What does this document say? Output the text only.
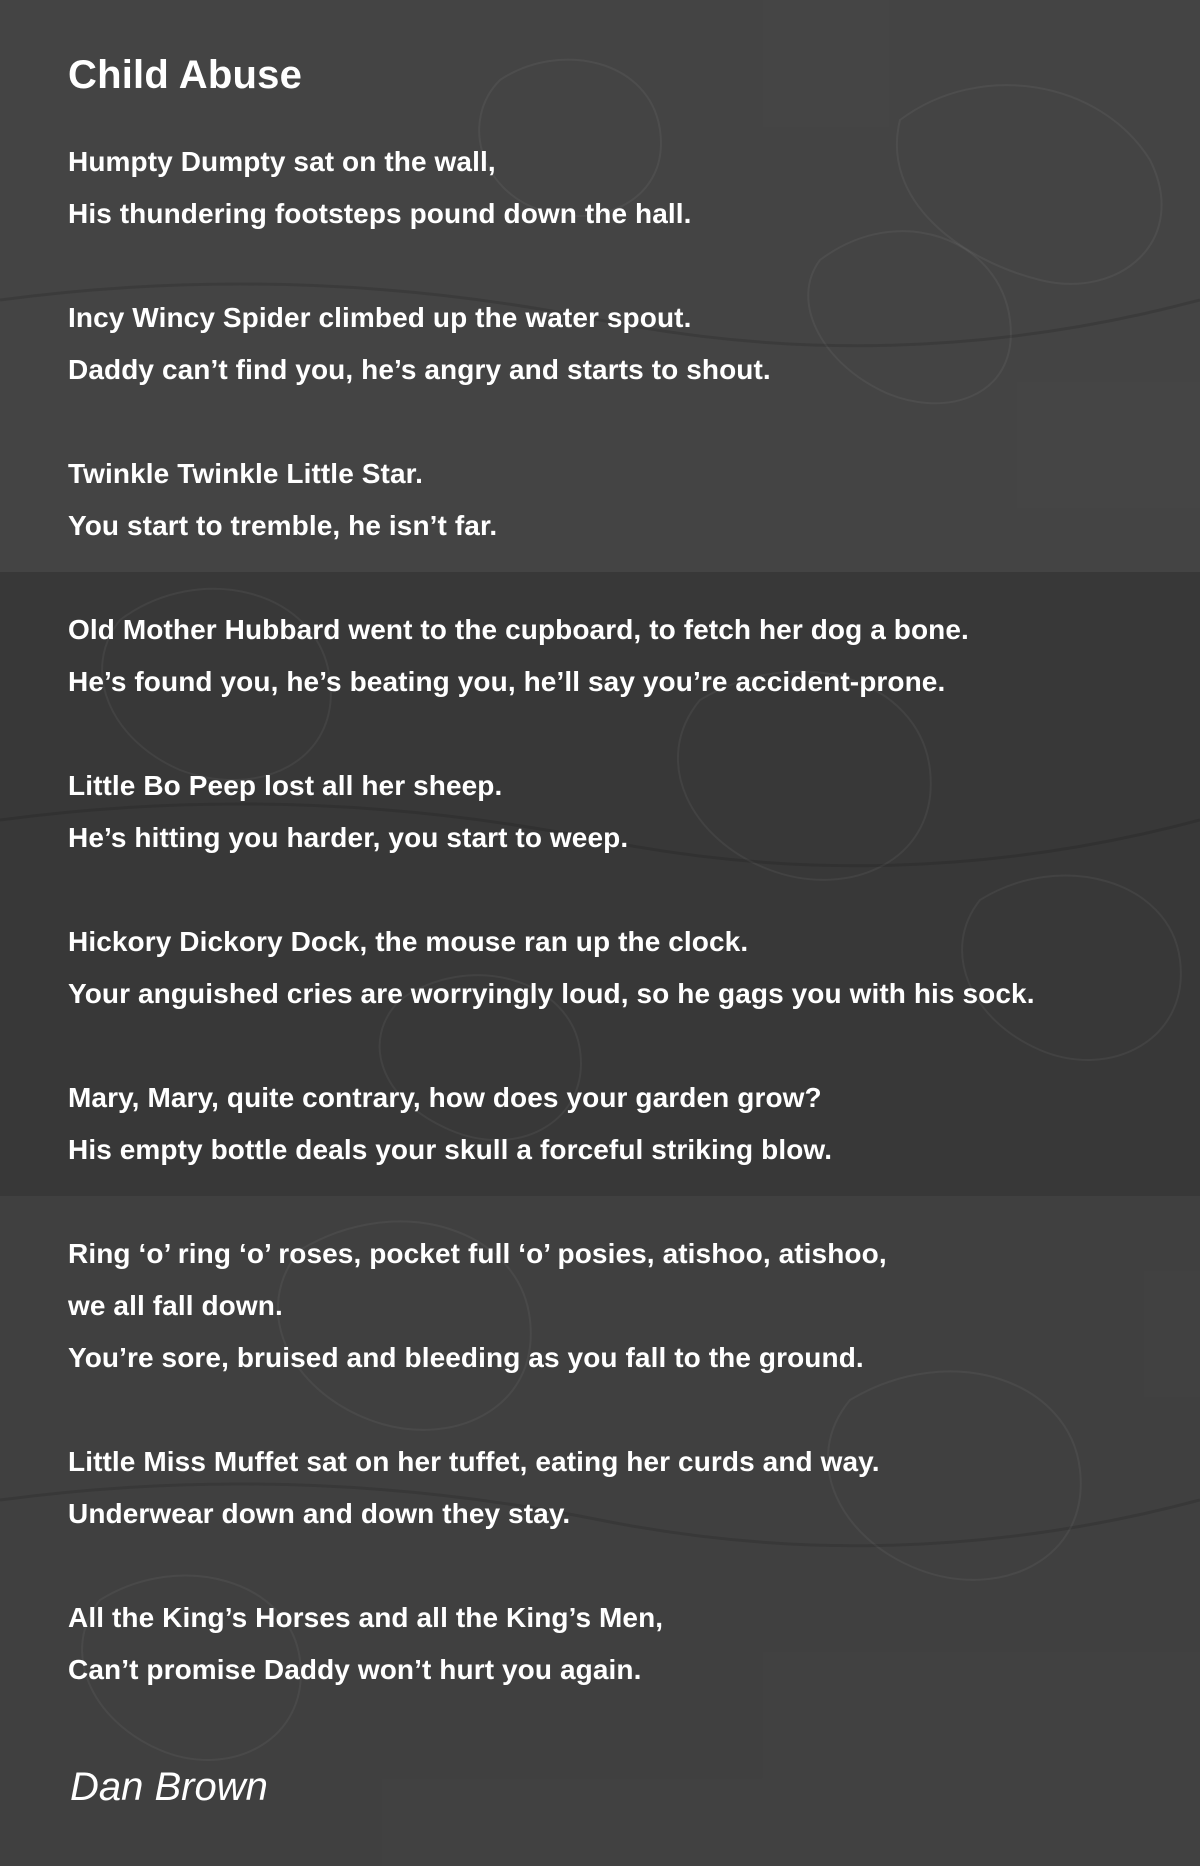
Child Abuse
Humpty Dumpty sat on the wall,
His thundering footsteps pound down the hall.
Incy Wincy Spider climbed up the water spout.
Daddy can’t find you, he’s angry and starts to shout.
Twinkle Twinkle Little Star.
You start to tremble, he isn’t far.
Old Mother Hubbard went to the cupboard, to fetch her dog a bone.
He’s found you, he’s beating you, he’ll say you’re accident-prone.
Little Bo Peep lost all her sheep.
He’s hitting you harder, you start to weep.
Hickory Dickory Dock, the mouse ran up the clock.
Your anguished cries are worryingly loud, so he gags you with his sock.
Mary, Mary, quite contrary, how does your garden grow?
His empty bottle deals your skull a forceful striking blow.
Ring ‘o’ ring ‘o’ roses, pocket full ‘o’ posies, atishoo, atishoo,
we all fall down.
You’re sore, bruised and bleeding as you fall to the ground.
Little Miss Muffet sat on her tuffet, eating her curds and way.
Underwear down and down they stay.
All the King’s Horses and all the King’s Men,
Can’t promise Daddy won’t hurt you again.
Dan Brown
